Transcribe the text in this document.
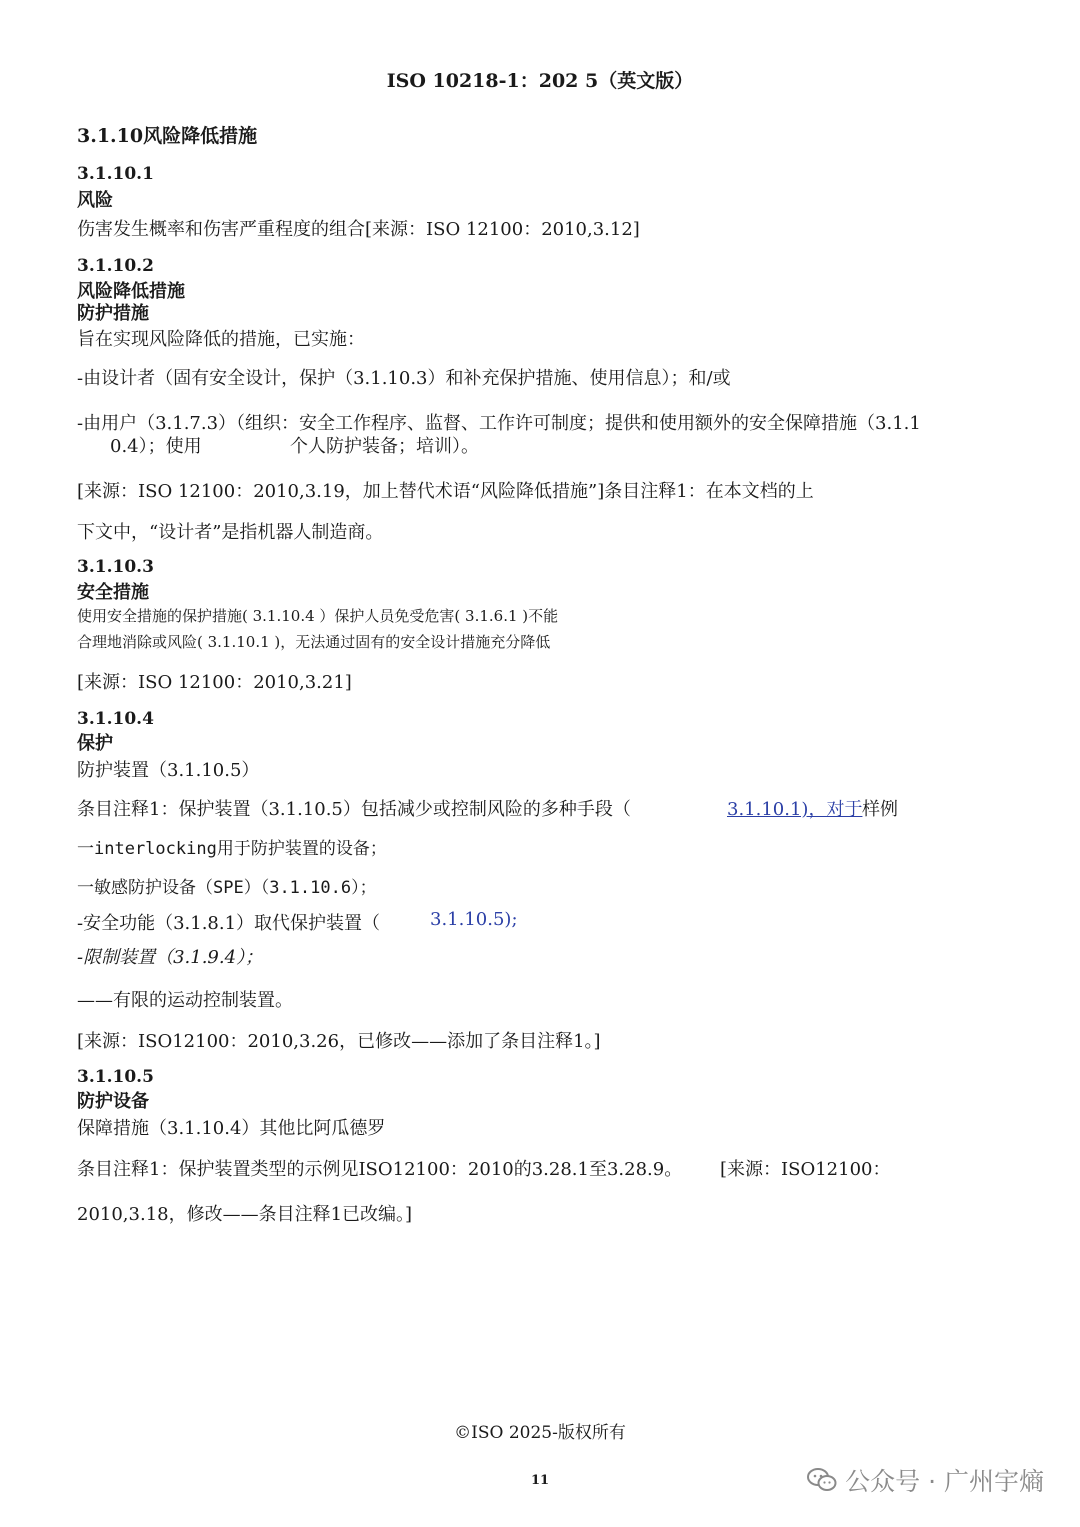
ISO 10218-1：202 5（英文版）
3.1.10风险降低措施
3.1.10.1
风险
伤害发生概率和伤害严重程度的组合[来源：ISO 12100：2010,3.12]
3.1.10.2
风险降低措施
防护措施
旨在实现风险降低的措施，已实施：
-由设计者（固有安全设计，保护（3.1.10.3）和补充保护措施、使用信息）；和/或
-由用户（3.1.7.3）（组织：安全工作程序、监督、工作许可制度；提供和使用额外的安全保障措施（3.1.1
0.4）；使用	个人防护装备；培训）。
[来源：ISO 12100：2010,3.19，加上替代术语“风险降低措施”]条目注释1：在本文档的上
下文中，“设计者”是指机器人制造商。
3.1.10.3
安全措施
使用安全措施的保护措施( 3.1.10.4 ）保护人员免受危害( 3.1.6.1 )不能
合理地消除或风险( 3.1.10.1 )，无法通过固有的安全设计措施充分降低
[来源：ISO 12100：2010,3.21]
3.1.10.4
保护
防护装置（3.1.10.5）
条目注释1：保护装置（3.1.10.5）包括减少或控制风险的多种手段（	3.1.10.1)，对于 样例
一interlocking用于防护装置的设备；
一敏感防护设备（SPE）（3.1.10.6）；
-安全功能（3.1.8.1）取代保护装置（	3.1.10.5);
-限制装置（3.1.9.4）；
——有限的运动控制装置。
[来源：ISO12100：2010,3.26，已修改——添加了条目注释1。]
3.1.10.5
防护设备
保障措施（3.1.10.4）其他比阿瓜德罗
条目注释1：保护装置类型的示例见ISO12100：2010的3.28.1至3.28.9。 [来源：ISO12100：
2010,3.18，修改——条目注释1已改编。]
©ISO 2025-版权所有
11	公众号 · 广州宇熵
